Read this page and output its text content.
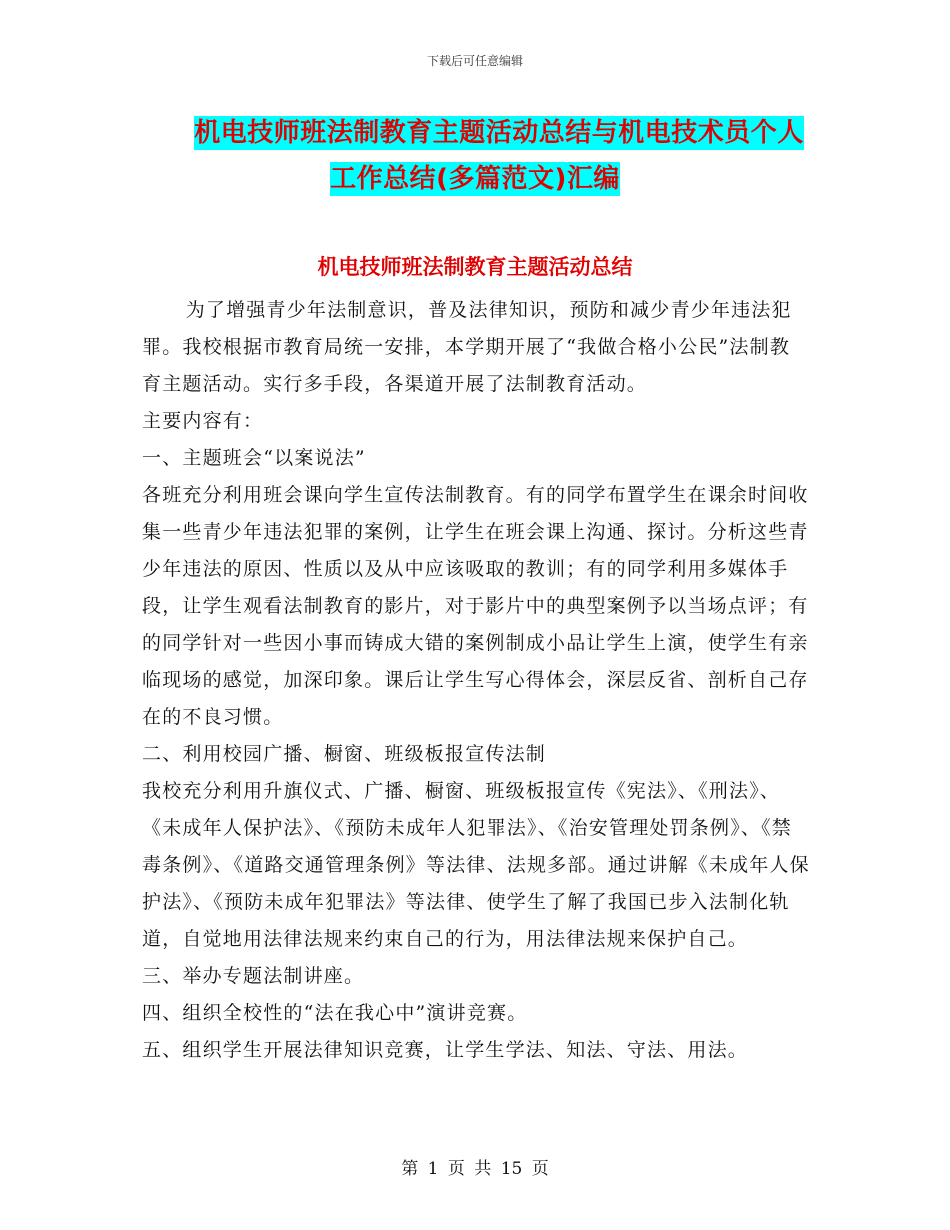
下载后可任意编辑
机电技师班法制教育主题活动总结与机电技术员个人
工作总结(多篇范文)汇编
机电技师班法制教育主题活动总结

为了增强青少年法制意识，普及法律知识，预防和减少青少年违法犯罪。我校根据市教育局统一安排，本学期开展了“我做合格小公民”法制教育主题活动。实行多手段，各渠道开展了法制教育活动。

主要内容有：

一、主题班会“以案说法”

各班充分利用班会课向学生宣传法制教育。有的同学布置学生在课余时间收集一些青少年违法犯罪的案例，让学生在班会课上沟通、探讨。分析这些青少年违法的原因、性质以及从中应该吸取的教训；有的同学利用多媒体手段，让学生观看法制教育的影片，对于影片中的典型案例予以当场点评；有的同学针对一些因小事而铸成大错的案例制成小品让学生上演，使学生有亲临现场的感觉，加深印象。课后让学生写心得体会，深层反省、剖析自己存在的不良习惯。

二、利用校园广播、橱窗、班级板报宣传法制

我校充分利用升旗仪式、广播、橱窗、班级板报宣传《宪法》、《刑法》、《未成年人保护法》、《预防未成年人犯罪法》、《治安管理处罚条例》、《禁毒条例》、《道路交通管理条例》等法律、法规多部。通过讲解《未成年人保护法》、《预防未成年犯罪法》等法律、使学生了解了我国已步入法制化轨道，自觉地用法律法规来约束自己的行为，用法律法规来保护自己。

三、举办专题法制讲座。

四、组织全校性的“法在我心中”演讲竞赛。

五、组织学生开展法律知识竞赛，让学生学法、知法、守法、用法。

第 1 页 共 15 页
